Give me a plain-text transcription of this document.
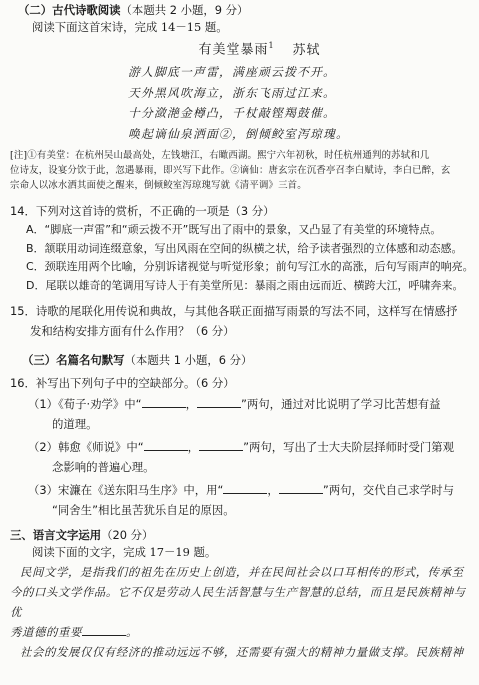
（二）古代诗歌阅读（本题共 2 小题，9 分）

阅读下面这首宋诗，完成 14－15 题。

有美堂暴雨$^1$ 苏轼

游人脚底一声雷，满座顽云拨不开。

天外黑风吹海立，浙东飞雨过江来。

十分潋滟金樽凸，千杖敲铿羯鼓催。

唤起谪仙泉洒面②，倒倾鲛室泻琼瑰。

[注]①有美堂：在杭州吴山最高处，左钱塘江，右瞰西湖。熙宁六年初秋，时任杭州通判的苏轼和几
位诗友，设宴分饮于此，忽遇暴雨，即兴写下此作。②谪仙：唐玄宗在沉香亭召李白赋诗，李白已醉，玄
宗命人以冰水洒其面使之醒来，倒倾鲛室泻琼瑰写就《清平调》三首。

14．下列对这首诗的赏析，不正确的一项是（3 分）

A．“脚底一声雷”和“顽云拨不开”既写出了雨中的景象，又凸显了有美堂的环境特点。

B．颔联用动词连缀意象，写出风雨在空间的纵横之状，给予读者强烈的立体感和动态感。

C．颈联连用两个比喻，分别诉诸视觉与听觉形象；前句写江水的高涨，后句写雨声的响亮。

D．尾联以雄奇的笔调用写诗人于有美堂所见：暴雨之雨由远而近、横跨大江，呼啸奔来。

15．诗歌的尾联化用传说和典故，与其他各联正面描写雨景的写法不同，这样写在情感抒
发和结构安排方面有什么作用？（6 分）

（三）名篇名句默写（本题共 1 小题，6 分）

16．补写出下列句子中的空缺部分。（6 分）

（1）《荀子·劝学》中“	，	”两句，通过对比说明了学习比苦想有益
的道理。
（2）韩愈《师说》中“	，	”两句，写出了士大夫阶层择师时受门第观
念影响的普遍心理。
（3）宋濂在《送东阳马生序》中，用“	，	”两句，交代自己求学时与
“同舍生”相比虽苦犹乐自足的原因。

三、语言文字运用（20 分）

阅读下面的文字，完成 17－19 题。

民间文学，是指我们的祖先在历史上创造，并在民间社会以口耳相传的形式，传承至
今的口头文学作品。它不仅是劳动人民生活智慧与生产智慧的总结，而且是民族精神与优
秀道德的重要	。
社会的发展仅仅有经济的推动远远不够，还需要有强大的精神力量做支撑。民族精神
